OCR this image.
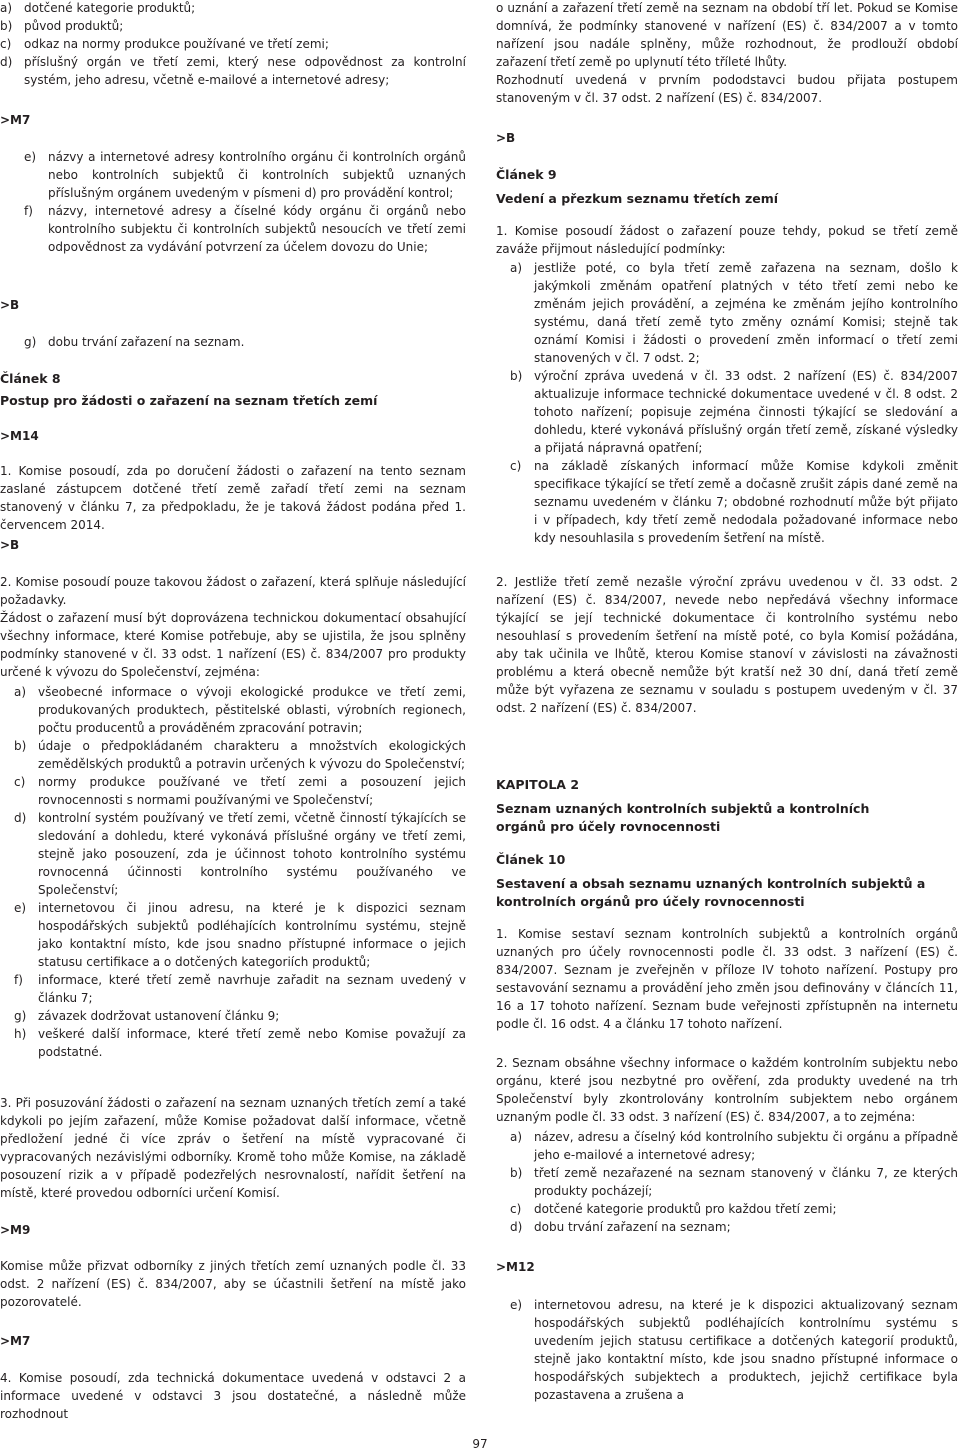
a) dotčené kategorie produktů;
b) původ produktů;
c)	odkaz na normy produkce používané ve třetí zemi;
d) příslušný orgán ve třetí zemi, který nese odpovědnost za kontrolní systém, jeho adresu, včetně e-mailové a internetové adresy;
>M7
e) názvy a internetové adresy kontrolního orgánu či kontrolních orgánů nebo kontrolních subjektů či kontrolních subjektů uznaných příslušným orgánem uvedeným v písmeni d) pro provádění kontrol;
f)	názvy, internetové adresy a číselné kódy orgánu či orgánů nebo kontrolního subjektu či kontrolních subjektů nesoucích ve třetí zemi odpovědnost za vydávání potvrzení za účelem dovozu do Unie;
>B
g) dobu trvání zařazení na seznam.
Článek 8
Postup pro žádosti o zařazení na seznam třetích zemí
>M14

1. Komise posoudí, zda po doručení žádosti o zařazení na tento seznam zaslané zástupcem dotčené třetí země zařadí třetí zemi na seznam stanovený v článku 7, za předpokladu, že je taková žádost podána před 1. červencem 2014.

>B

2. Komise posoudí pouze takovou žádost o zařazení, která splňuje následující požadavky.

Žádost o zařazení musí být doprovázena technickou dokumentací obsahující všechny informace, které Komise potřebuje, aby se ujistila, že jsou splněny podmínky stanovené v čl. 33 odst. 1 nařízení (ES) č. 834/2007 pro produkty určené k vývozu do Společenství, zejména:

a) všeobecné informace o vývoji ekologické produkce ve třetí zemi, produkovaných produktech, pěstitelské oblasti, výrobních regionech, počtu producentů a prováděném zpracování potravin;
b) údaje o předpokládaném charakteru a množstvích ekologických zemědělských produktů a potravin určených k vývozu do Společenství;
c)	normy produkce používané ve třetí zemi a posouzení jejich rovnocennosti s normami používanými ve Společenství;
d) kontrolní systém používaný ve třetí zemi, včetně činností týkajících se sledování a dohledu, které vykonává příslušné orgány ve třetí zemi, stejně jako posouzení, zda je účinnost tohoto kontrolního systému rovnocenná účinnosti kontrolního systému používaného ve Společenství;
e) internetovou či jinou adresu, na které je k dispozici seznam hospodářských subjektů podléhajících kontrolnímu systému, stejně jako kontaktní místo, kde jsou snadno přístupné informace o jejich statusu certifikace a o dotčených kategoriích produktů;
f)	informace, které třetí země navrhuje zařadit na seznam uvedený v článku 7;
g) závazek dodržovat ustanovení článku 9;
h) veškeré další informace, které třetí země nebo Komise považují za podstatné.

3. Při posuzování žádosti o zařazení na seznam uznaných třetích zemí a také kdykoli po jejím zařazení, může Komise požadovat další informace, včetně předložení jedné či více zpráv o šetření na místě vypracované či vypracovaných nezávislými odborníky. Kromě toho může Komise, na základě posouzení rizik a v případě podezřelých nesrovnalostí, nařídit šetření na místě, které provedou odborníci určení Komisí.

>M9

Komise může přizvat odborníky z jiných třetích zemí uznaných podle čl. 33 odst. 2 nařízení (ES) č. 834/2007, aby se účastnili šetření na místě jako pozorovatelé.

>M7

4. Komise posoudí, zda technická dokumentace uvedená v odstavci 2 a informace uvedené v odstavci 3 jsou dostatečné, a následně může rozhodnout

o uznání a zařazení třetí země na seznam na období tří let. Pokud se Komise domnívá, že podmínky stanovené v nařízení (ES) č. 834/2007 a v tomto nařízení jsou nadále splněny, může rozhodnout, že prodlouží období zařazení třetí země po uplynutí této tříleté lhůty.

Rozhodnutí uvedená v prvním pododstavci budou přijata postupem stanoveným v čl. 37 odst. 2 nařízení (ES) č. 834/2007.

>B
Článek 9
Vedení a přezkum seznamu třetích zemí

1. Komise posoudí žádost o zařazení pouze tehdy, pokud se třetí země zaváže přijmout následující podmínky:

a) jestliže poté, co byla třetí země zařazena na seznam, došlo k jakýmkoli změnám opatření platných v této třetí zemi nebo ke změnám jejich provádění, a zejména ke změnám jejího kontrolního systému, daná třetí země tyto změny oznámí Komisi; stejně tak oznámí Komisi i žádosti o provedení změn informací o třetí zemi stanovených v čl. 7 odst. 2;
b) výroční zpráva uvedená v čl. 33 odst. 2 nařízení (ES) č. 834/2007 aktualizuje informace technické dokumentace uvedené v čl. 8 odst. 2 tohoto nařízení; popisuje zejména činnosti týkající se sledování a dohledu, které vykonává příslušný orgán třetí země, získané výsledky a přijatá nápravná opatření;
c)	na základě získaných informací může Komise kdykoli změnit specifikace týkající se třetí země a dočasně zrušit zápis dané země na seznamu uvedeném v článku 7; obdobné rozhodnutí může být přijato i v případech, kdy třetí země nedodala požadované informace nebo kdy nesouhlasila s provedením šetření na místě.

2. Jestliže třetí země nezašle výroční zprávu uvedenou v čl. 33 odst. 2 nařízení (ES) č. 834/2007, nevede nebo nepředává všechny informace týkající se její technické dokumentace či kontrolního systému nebo nesouhlasí s provedením šetření na místě poté, co byla Komisí požádána, aby tak učinila ve lhůtě, kterou Komise stanoví v závislosti na závažnosti problému a která obecně nemůže být kratší než 30 dní, daná třetí země může být vyřazena ze seznamu v souladu s postupem uvedeným v čl. 37 odst. 2 nařízení (ES) č. 834/2007.

KAPITOLA 2
Seznam uznaných kontrolních subjektů a kontrolních orgánů pro účely rovnocennosti
Článek 10
Sestavení a obsah seznamu uznaných kontrolních subjektů a kontrolních orgánů pro účely rovnocennosti

1. Komise sestaví seznam kontrolních subjektů a kontrolních orgánů uznaných pro účely rovnocennosti podle čl. 33 odst. 3 nařízení (ES) č. 834/2007. Seznam je zveřejněn v příloze IV tohoto nařízení. Postupy pro sestavování seznamu a provádění jeho změn jsou definovány v článcích 11, 16 a 17 tohoto nařízení. Seznam bude veřejnosti zpřístupněn na internetu podle čl. 16 odst. 4 a článku 17 tohoto nařízení.

2. Seznam obsáhne všechny informace o každém kontrolním subjektu nebo orgánu, které jsou nezbytné pro ověření, zda produkty uvedené na trh Společenství byly zkontrolovány kontrolním subjektem nebo orgánem uznaným podle čl. 33 odst. 3 nařízení (ES) č. 834/2007, a to zejména:

a) název, adresu a číselný kód kontrolního subjektu či orgánu a případně jeho e-mailové a internetové adresy;
b) třetí země nezařazené na seznam stanovený v článku 7, ze kterých produkty pocházejí;
c)	dotčené kategorie produktů pro každou třetí zemi;
d) dobu trvání zařazení na seznam;
>M12
e) internetovou adresu, na které je k dispozici aktualizovaný seznam hospodářských subjektů podléhajících kontrolnímu systému s uvedením jejich statusu certifikace a dotčených kategorií produktů, stejně jako kontaktní místo, kde jsou snadno přístupné informace o hospodářských subjektech a produktech, jejichž certifikace byla pozastavena a zrušena a
97
